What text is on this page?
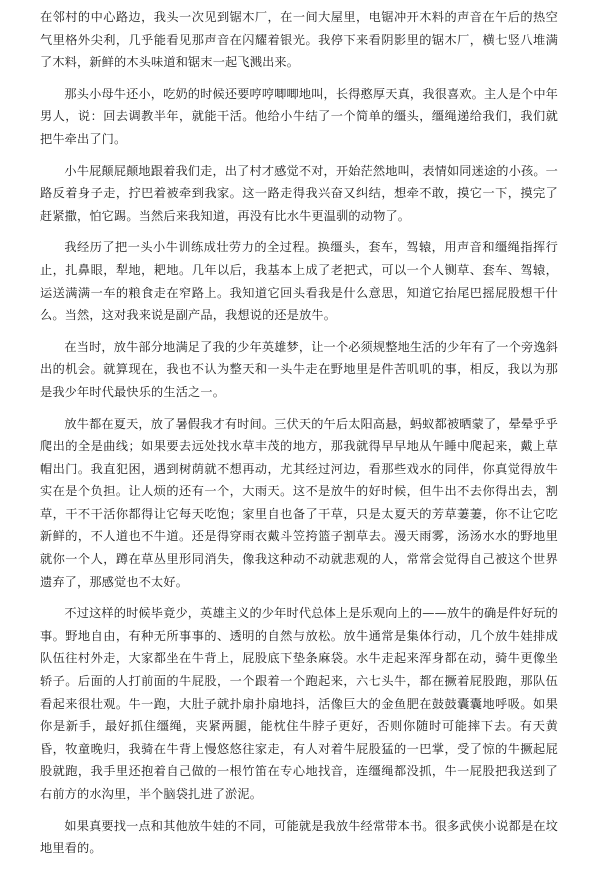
在邻村的中心路边，我头一次见到锯木厂，在一间大屋里，电锯冲开木料的声音在午后的热空气里格外尖利，几乎能看见那声音在闪耀着银光。我停下来看阴影里的锯木厂，横七竖八堆满了木料，新鲜的木头味道和锯末一起飞溅出来。

那头小母牛还小，吃奶的时候还要哼哼唧唧地叫，长得憨厚天真，我很喜欢。主人是个中年男人，说：回去调教半年，就能干活。他给小牛结了一个简单的缰头，缰绳递给我们，我们就把牛牵出了门。

小牛屁颠屁颠地跟着我们走，出了村才感觉不对，开始茫然地叫，表情如同迷途的小孩。一路反着身子走，拧巴着被牵到我家。这一路走得我兴奋又纠结，想牵不敢，摸它一下，摸完了赶紧撒，怕它踢。当然后来我知道，再没有比水牛更温驯的动物了。

我经历了把一头小牛训练成壮劳力的全过程。换缰头，套车，驾辕，用声音和缰绳指挥行止，扎鼻眼，犁地，耙地。几年以后，我基本上成了老把式，可以一个人铡草、套车、驾辕，运送满满一车的粮食走在窄路上。我知道它回头看我是什么意思，知道它抬尾巴摇屁股想干什么。当然，这对我来说是副产品，我想说的还是放牛。

在当时，放牛部分地满足了我的少年英雄梦，让一个必须规整地生活的少年有了一个旁逸斜出的机会。就算现在，我也不认为整天和一头牛走在野地里是件苦叽叽的事，相反，我以为那是我少年时代最快乐的生活之一。

放牛都在夏天，放了暑假我才有时间。三伏天的午后太阳高悬，蚂蚁都被晒蒙了，晕晕乎乎爬出的全是曲线；如果要去远处找水草丰茂的地方，那我就得早早地从午睡中爬起来，戴上草帽出门。我直犯困，遇到树荫就不想再动，尤其经过河边，看那些戏水的同伴，你真觉得放牛实在是个负担。让人烦的还有一个，大雨天。这不是放牛的好时候，但牛出不去你得出去，割草，干不干活你都得让它每天吃饱；家里自也备了干草，只是太夏天的芳草萋萋，你不让它吃新鲜的，不人道也不牛道。还是得穿雨衣戴斗笠挎篮子割草去。漫天雨雾，汤汤水水的野地里就你一个人，蹲在草丛里形同消失，像我这种动不动就悲观的人，常常会觉得自己被这个世界遗弃了，那感觉也不太好。

不过这样的时候毕竟少，英雄主义的少年时代总体上是乐观向上的——放牛的确是件好玩的事。野地自由，有种无所事事的、透明的自然与放松。放牛通常是集体行动，几个放牛娃排成队伍往村外走，大家都坐在牛背上，屁股底下垫条麻袋。水牛走起来浑身都在动，骑牛更像坐轿子。后面的人打前面的牛屁股，一个跟着一个跑起来，六七头牛，都在撅着屁股跑，那队伍看起来很壮观。牛一跑，大肚子就扑扇扑扇地抖，活像巨大的金鱼肥在鼓鼓囊囊地呼吸。如果你是新手，最好抓住缰绳，夹紧两腿，能枕住牛脖子更好，否则你随时可能摔下去。有天黄昏，牧童晚归，我骑在牛背上慢悠悠往家走，有人对着牛屁股猛的一巴掌，受了惊的牛撅起屁股就跑，我手里还抱着自己做的一根竹笛在专心地找音，连缰绳都没抓，牛一屁股把我送到了右前方的水沟里，半个脑袋扎进了淤泥。

如果真要找一点和其他放牛娃的不同，可能就是我放牛经常带本书。很多武侠小说都是在坟地里看的。
